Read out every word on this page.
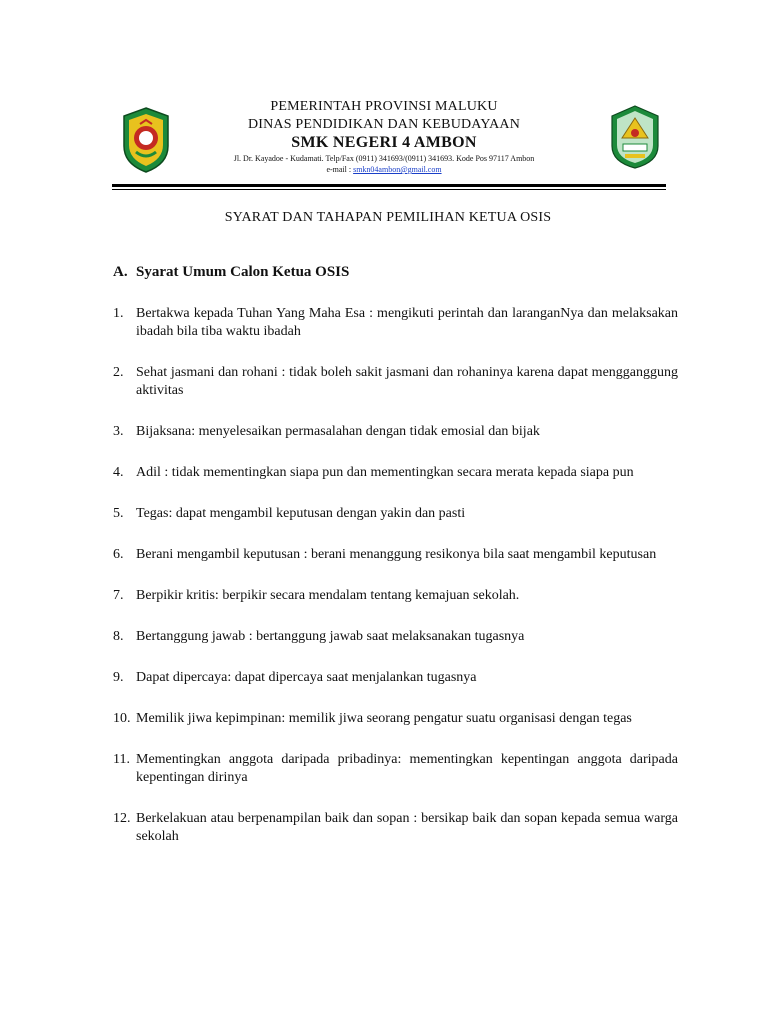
PEMERINTAH PROVINSI MALUKU
DINAS PENDIDIKAN DAN KEBUDAYAAN
SMK NEGERI 4 AMBON
Jl. Dr. Kayadoe - Kudamati. Telp/Fax (0911) 341693/(0911) 341693. Kode Pos 97117 Ambon
e-mail : smkn04ambon@gmail.com
SYARAT DAN TAHAPAN PEMILIHAN KETUA OSIS
A. Syarat Umum Calon Ketua OSIS
1. Bertakwa kepada Tuhan Yang Maha Esa : mengikuti perintah dan laranganNya dan melaksakan ibadah bila tiba waktu ibadah
2. Sehat jasmani dan rohani : tidak boleh sakit jasmani dan rohaninya karena dapat mengganggung aktivitas
3. Bijaksana: menyelesaikan permasalahan dengan tidak emosial dan bijak
4. Adil : tidak mementingkan siapa pun dan mementingkan secara merata kepada siapa pun
5. Tegas: dapat mengambil keputusan dengan yakin dan pasti
6. Berani mengambil keputusan : berani menanggung resikonya bila saat mengambil keputusan
7. Berpikir kritis: berpikir secara mendalam tentang kemajuan sekolah.
8. Bertanggung jawab : bertanggung jawab saat melaksanakan tugasnya
9. Dapat dipercaya: dapat dipercaya saat menjalankan tugasnya
10. Memilik jiwa kepimpinan: memilik jiwa seorang pengatur suatu organisasi dengan tegas
11. Mementingkan anggota daripada pribadinya: mementingkan kepentingan anggota daripada kepentingan dirinya
12. Berkelakuan atau berpenampilan baik dan sopan : bersikap baik dan sopan kepada semua warga sekolah
